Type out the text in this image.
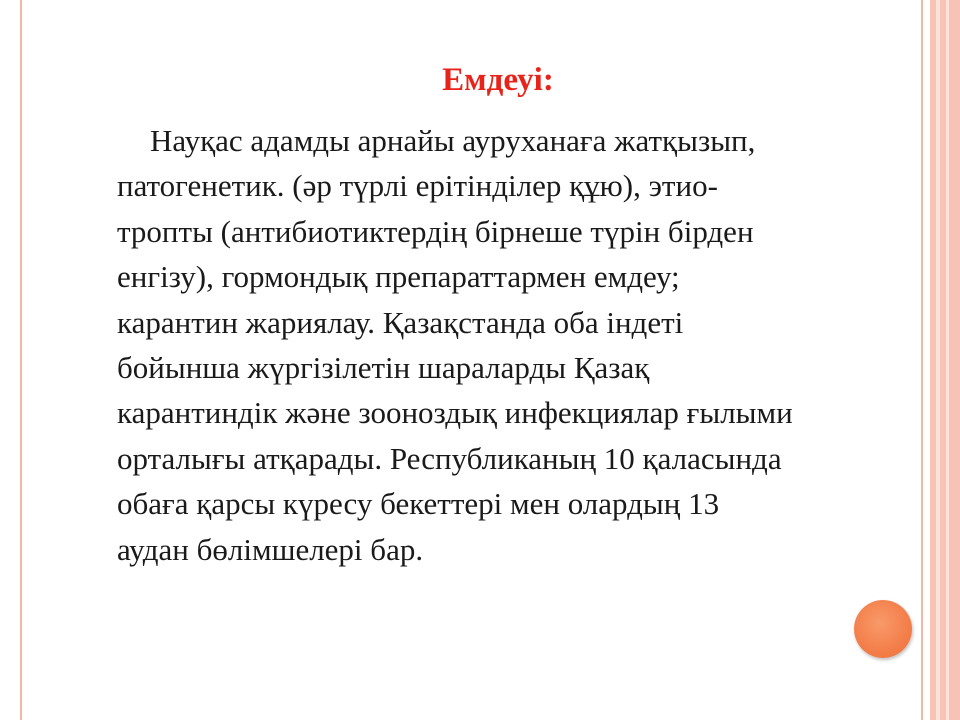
Емдеуі:
Науқас адамды арнайы ауруханаға жатқызып,
патогенетик. (әр түрлі ерітінділер құю), этио-
тропты (антибиотиктердің бірнеше түрін бірден
енгізу), гормондық препараттармен емдеу;
карантин жариялау. Қазақстанда оба індеті
бойынша жүргізілетін шараларды Қазақ
карантиндік және зооноздық инфекциялар ғылыми
орталығы атқарады. Республиканың 10 қаласында
обаға қарсы күресу бекеттері мен олардың 13
аудан бөлімшелері бар.
